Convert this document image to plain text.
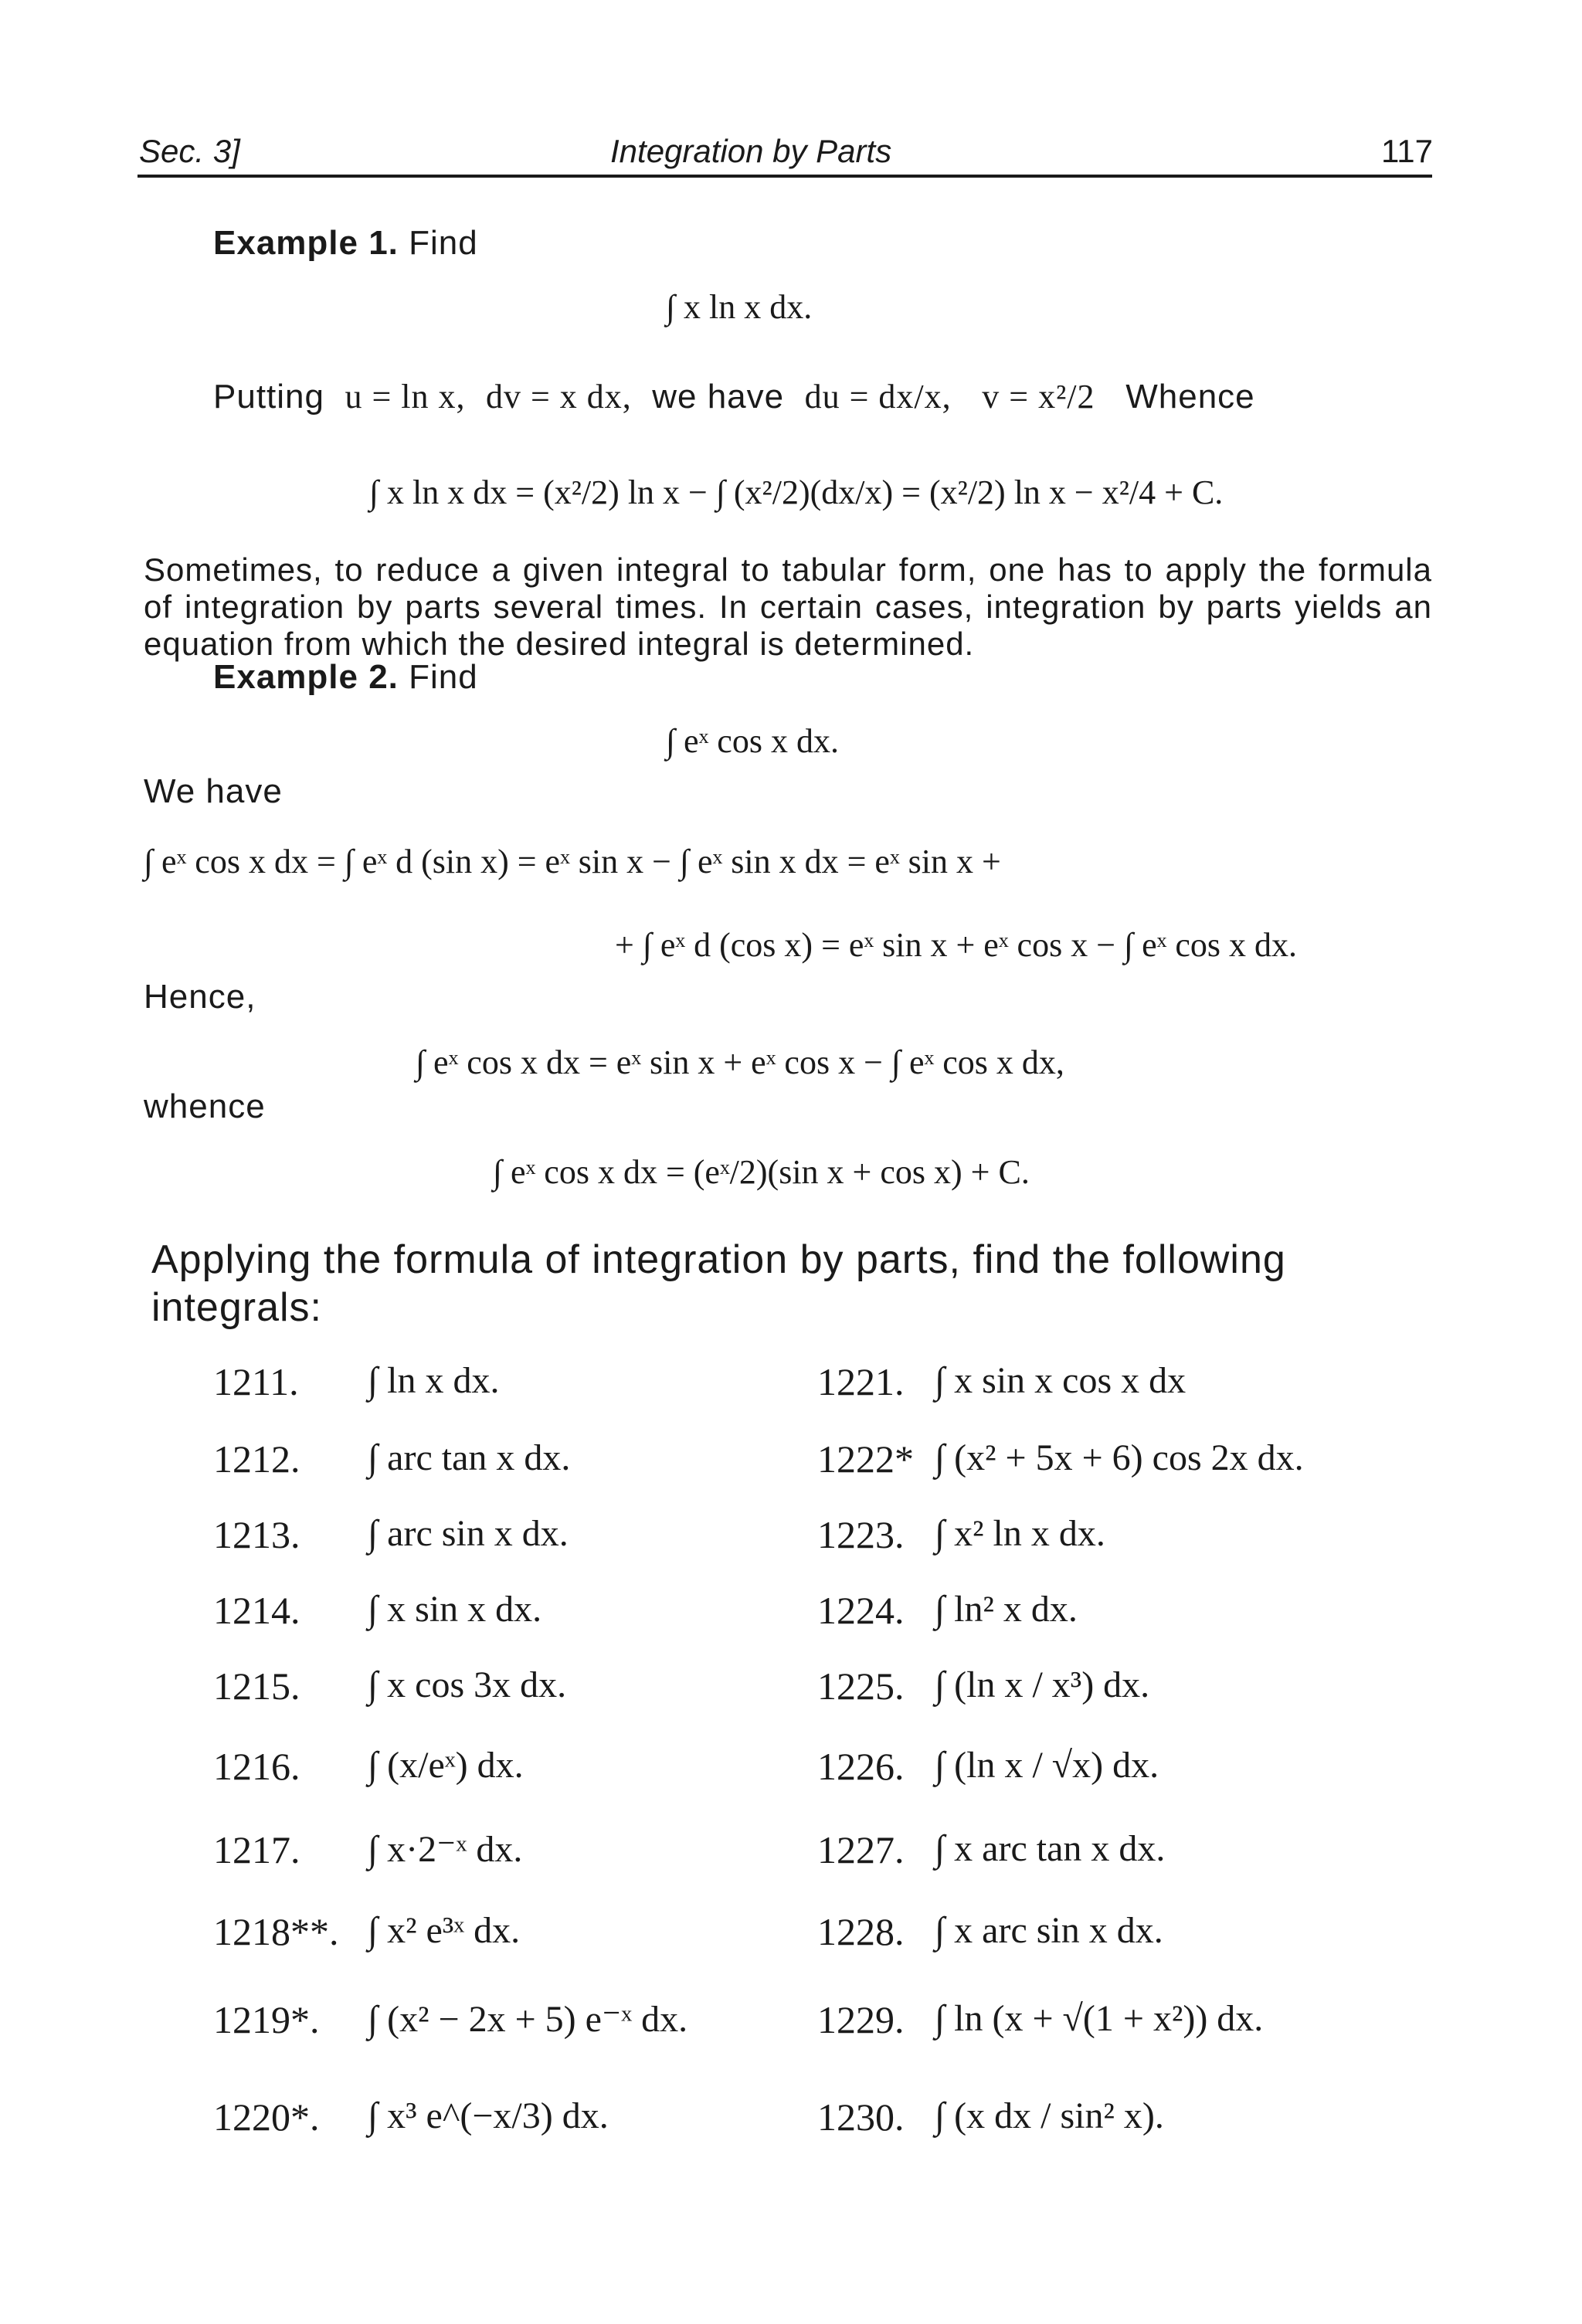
Sec. 3]	Integration by Parts	117
Example 1. Find
∫ x ln x dx.
Putting u = ln x, dv = x dx, we have du = dx/x, v = x²/2 Whence
∫ x ln x dx = (x²/2) ln x − ∫ (x²/2)(dx/x) = (x²/2) ln x − x²/4 + C.
Sometimes, to reduce a given integral to tabular form, one has to apply the formula of integration by parts several times. In certain cases, integration by parts yields an equation from which the desired integral is determined.
Example 2. Find
∫ eˣ cos x dx.
We have
∫ eˣ cos x dx = ∫ eˣ d (sin x) = eˣ sin x − ∫ eˣ sin x dx = eˣ sin x +
+ ∫ eˣ d (cos x) = eˣ sin x + eˣ cos x − ∫ eˣ cos x dx.
Hence,
∫ eˣ cos x dx = eˣ sin x + eˣ cos x − ∫ eˣ cos x dx,
whence
∫ eˣ cos x dx = (eˣ/2)(sin x + cos x) + C.
Applying the formula of integration by parts, find the following integrals:
1211. ∫ ln x dx.
1212. ∫ arc tan x dx.
1213. ∫ arc sin x dx.
1214. ∫ x sin x dx.
1215. ∫ x cos 3x dx.
1216. ∫ (x/eˣ) dx.
1217. ∫ x·2⁻ˣ dx.
1218**. ∫ x² e³ˣ dx.
1219*. ∫ (x² − 2x + 5) e⁻ˣ dx.
1220*. ∫ x³ e^(−x/3) dx.
1221. ∫ x sin x cos x dx
1222* ∫ (x² + 5x + 6) cos 2x dx.
1223. ∫ x² ln x dx.
1224. ∫ ln² x dx.
1225. ∫ (ln x / x³) dx.
1226. ∫ (ln x / √x) dx.
1227. ∫ x arc tan x dx.
1228. ∫ x arc sin x dx.
1229. ∫ ln (x + √(1 + x²)) dx.
1230. ∫ (x dx / sin² x).
